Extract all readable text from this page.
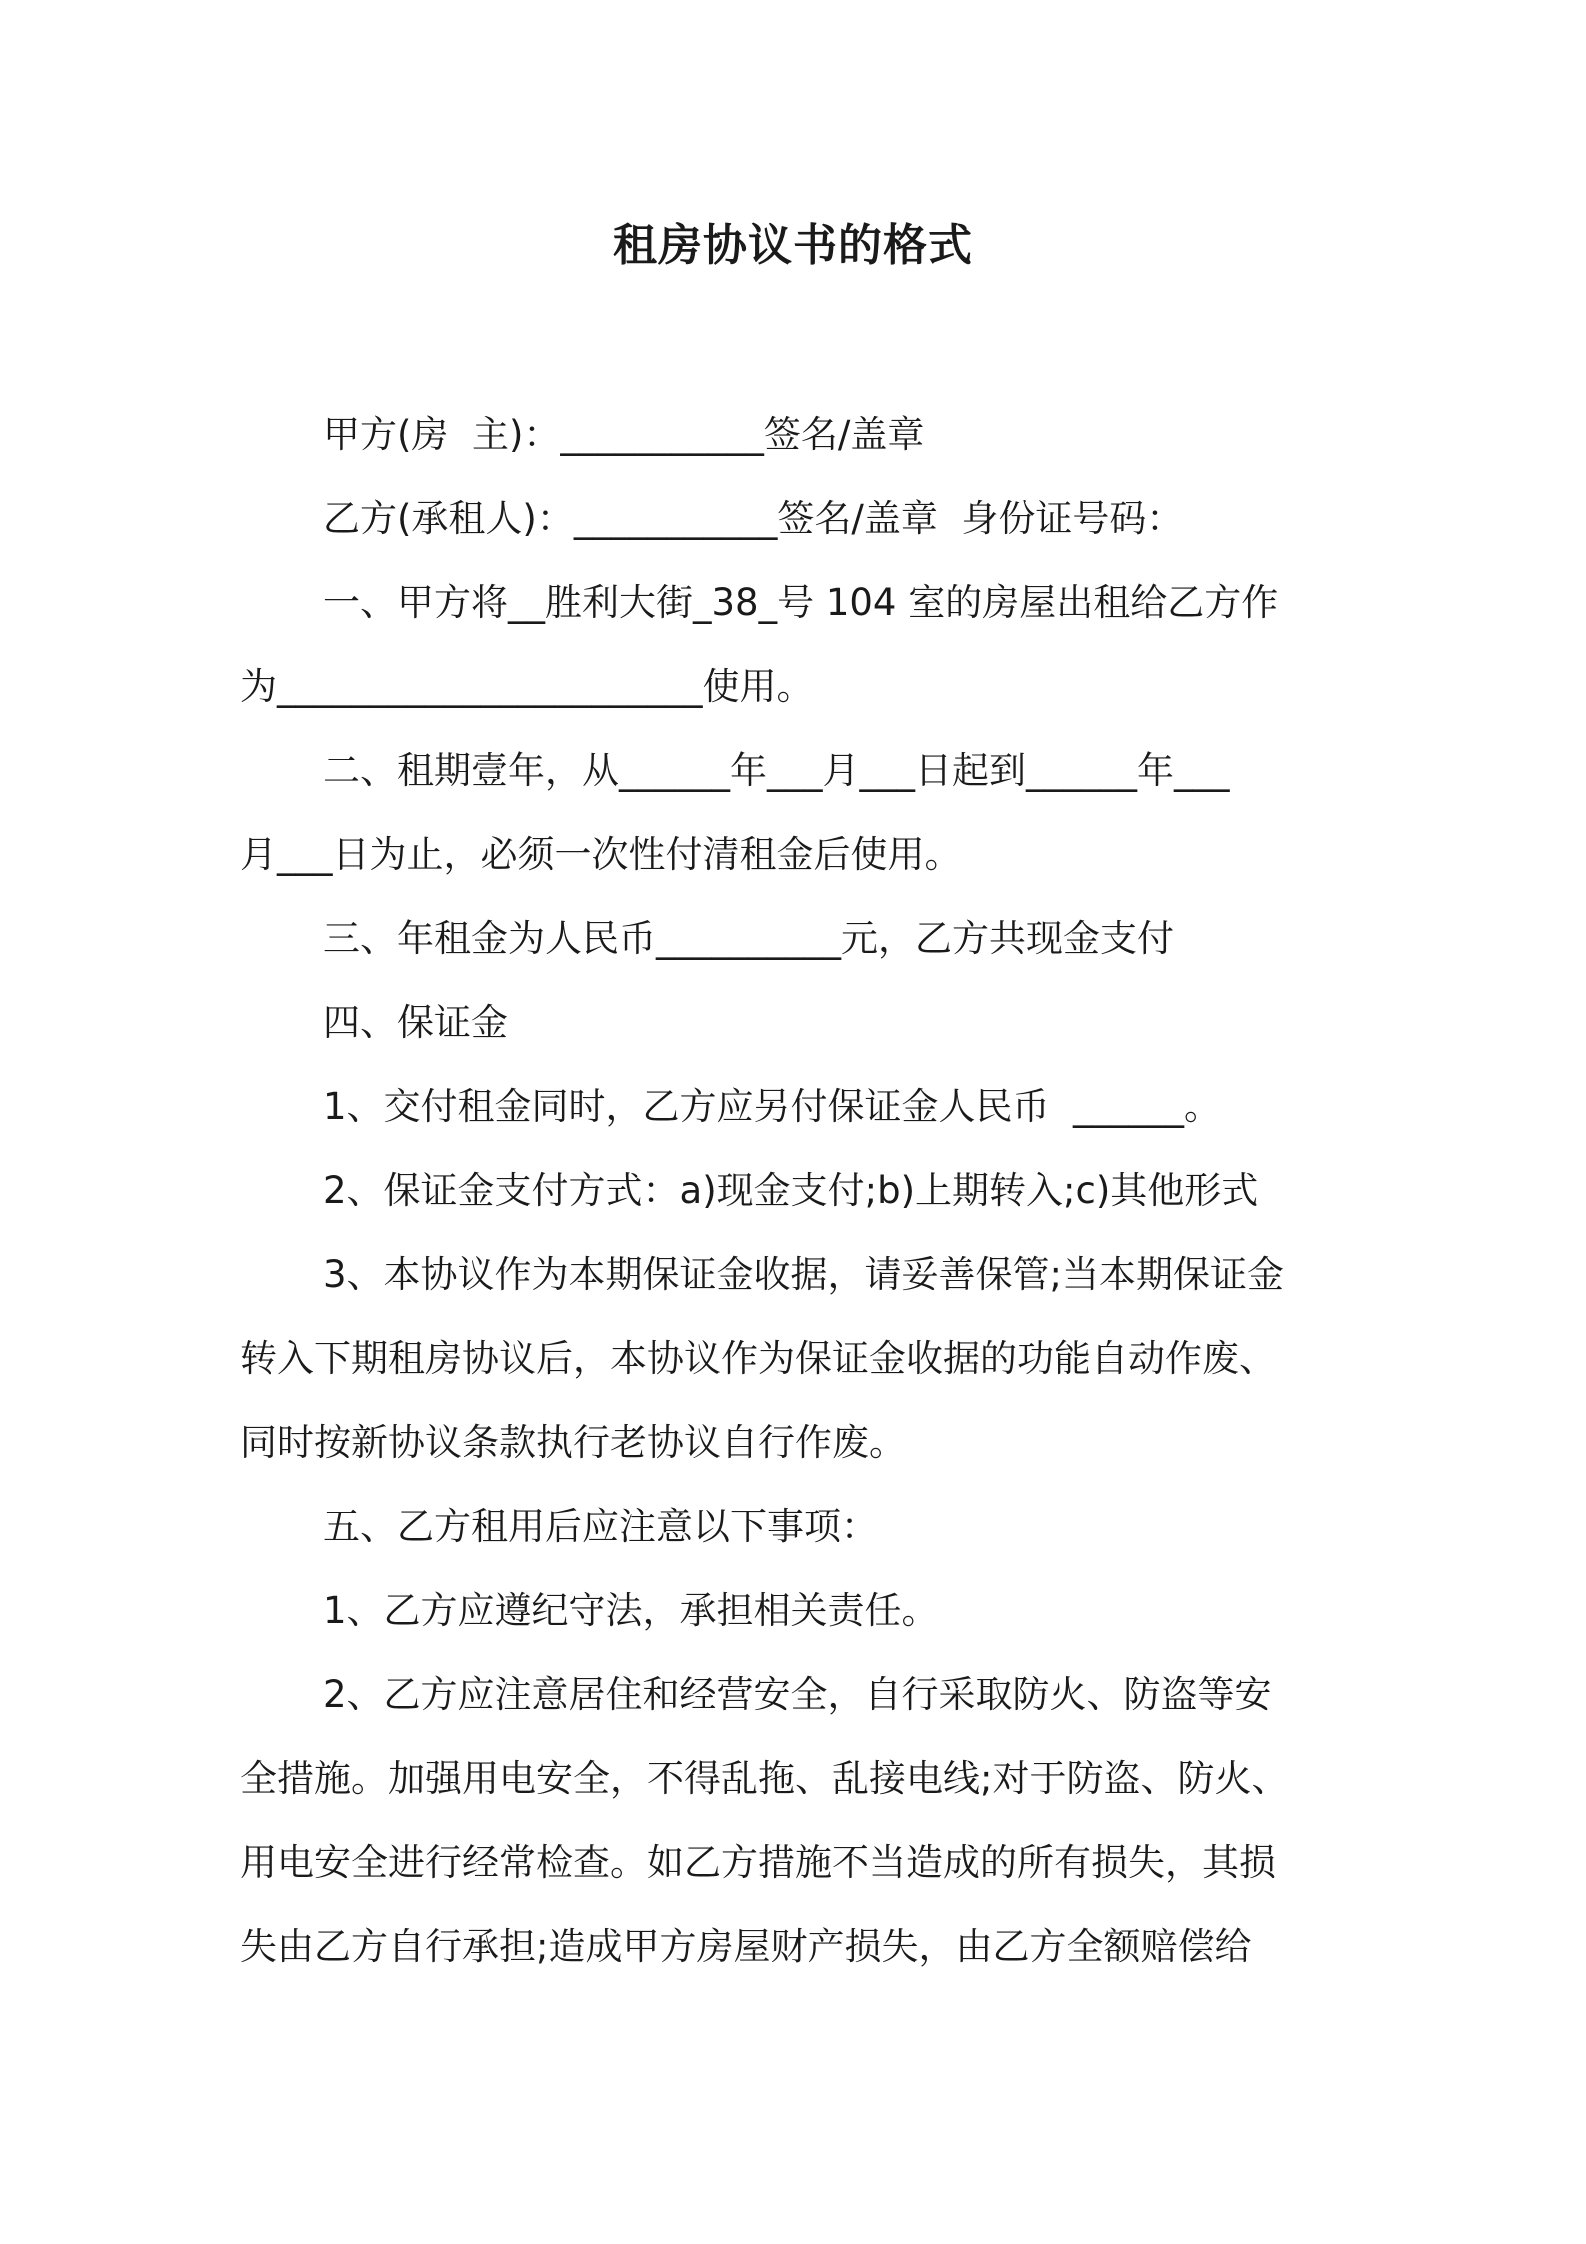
租房协议书的格式
甲方(房  主)：___________签名/盖章
乙方(承租人)：___________签名/盖章  身份证号码：
一、甲方将__胜利大街_38_号 104 室的房屋出租给乙方作
为_______________________使用。
二、租期壹年，从______年___月___日起到______年___
月___日为止，必须一次性付清租金后使用。
三、年租金为人民币__________元，乙方共现金支付
四、保证金
1、交付租金同时，乙方应另付保证金人民币  ______。
2、保证金支付方式：a)现金支付;b)上期转入;c)其他形式
3、本协议作为本期保证金收据，请妥善保管;当本期保证金
转入下期租房协议后，本协议作为保证金收据的功能自动作废、
同时按新协议条款执行老协议自行作废。
五、乙方租用后应注意以下事项：
1、乙方应遵纪守法，承担相关责任。
2、乙方应注意居住和经营安全，自行采取防火、防盗等安
全措施。加强用电安全，不得乱拖、乱接电线;对于防盗、防火、
用电安全进行经常检查。如乙方措施不当造成的所有损失，其损
失由乙方自行承担;造成甲方房屋财产损失，由乙方全额赔偿给
